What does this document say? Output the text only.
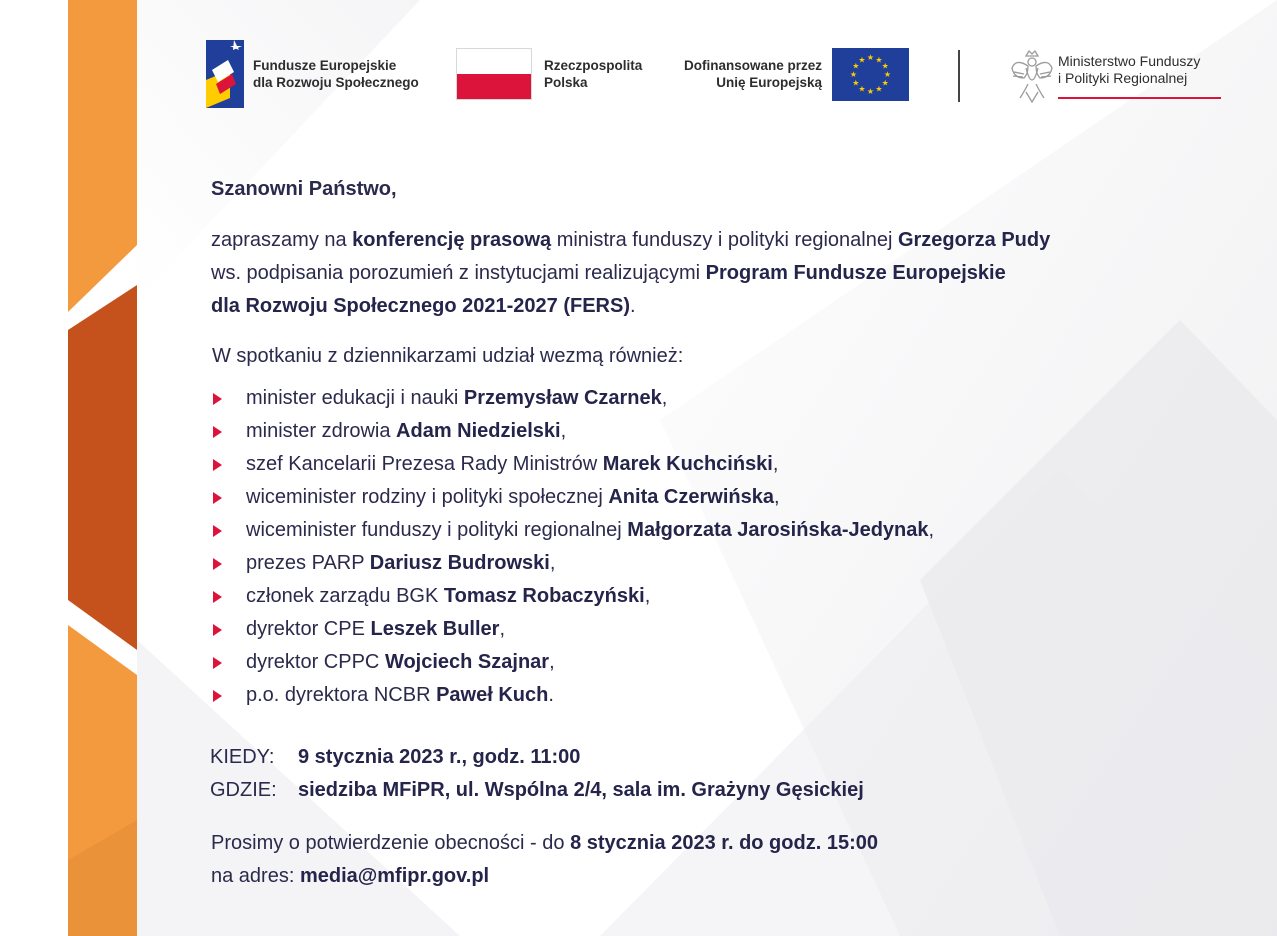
Fundusze Europejskie
dla Rozwoju Społecznego
Rzeczpospolita
Polska
Dofinansowane przez
Unię Europejską
★ ★
★
★
★
★
★
★
★
★
★
★	Ministerstwo Funduszy
i Polityki Regionalnej

Szanowni Państwo,

zapraszamy na konferencję prasową ministra funduszy i polityki regionalnej Grzegorza Pudy
ws. podpisania porozumień z instytucjami realizującymi Program Fundusze Europejskie
dla Rozwoju Społecznego 2021-2027 (FERS).

W spotkaniu z dziennikarzami udział wezmą również:

minister edukacji i nauki Przemysław Czarnek,
minister zdrowia Adam Niedzielski,
szef Kancelarii Prezesa Rady Ministrów Marek Kuchciński,
wiceminister rodziny i polityki społecznej Anita Czerwińska,
wiceminister funduszy i polityki regionalnej Małgorzata Jarosińska-Jedynak,
prezes PARP Dariusz Budrowski,
członek zarządu BGK Tomasz Robaczyński,
dyrektor CPE Leszek Buller,
dyrektor CPPC Wojciech Szajnar,
p.o. dyrektora NCBR Paweł Kuch.

KIEDY: 9 stycznia 2023 r., godz. 11:00

GDZIE: siedziba MFiPR, ul. Wspólna 2/4, sala im. Grażyny Gęsickiej

Prosimy o potwierdzenie obecności - do 8 stycznia 2023 r. do godz. 15:00
na adres: media@mfipr.gov.pl
